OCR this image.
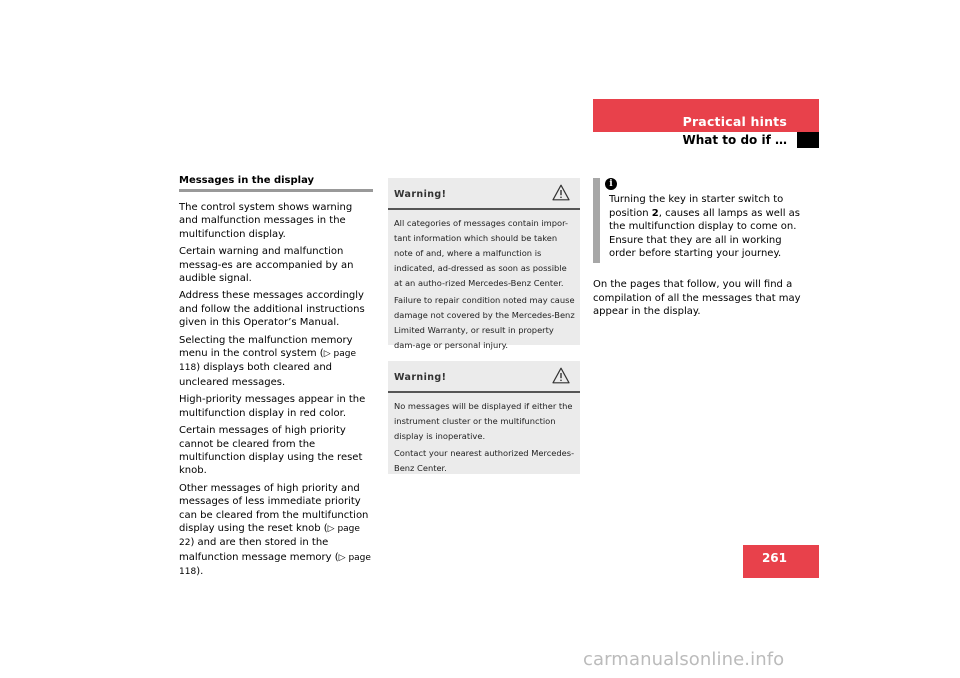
Practical hints
What to do if …
Messages in the display

The control system shows warning and malfunction messages in the multifunction display.

Certain warning and malfunction messag-es are accompanied by an audible signal.

Address these messages accordingly and follow the additional instructions given in this Operator’s Manual.

Selecting the malfunction memory menu in the control system (▷ page 118) displays both cleared and uncleared messages.

High-priority messages appear in the multifunction display in red color.

Certain messages of high priority cannot be cleared from the multifunction display using the reset knob.

Other messages of high priority and messages of less immediate priority can be cleared from the multifunction display using the reset knob (▷ page 22) and are then stored in the malfunction message memory (▷ page 118).

Warning!

All categories of messages contain impor-tant information which should be taken note of and, where a malfunction is indicated, ad-dressed as soon as possible at an autho-rized Mercedes-Benz Center.

Failure to repair condition noted may cause damage not covered by the Mercedes-Benz Limited Warranty, or result in property dam-age or personal injury.

Warning!

No messages will be displayed if either the instrument cluster or the multifunction display is inoperative.

Contact your nearest authorized Mercedes-Benz Center.

i

Turning the key in starter switch to position 2, causes all lamps as well as the multifunction display to come on. Ensure that they are all in working order before starting your journey.

On the pages that follow, you will find a compilation of all the messages that may appear in the display.

261
carmanualsonline.info
